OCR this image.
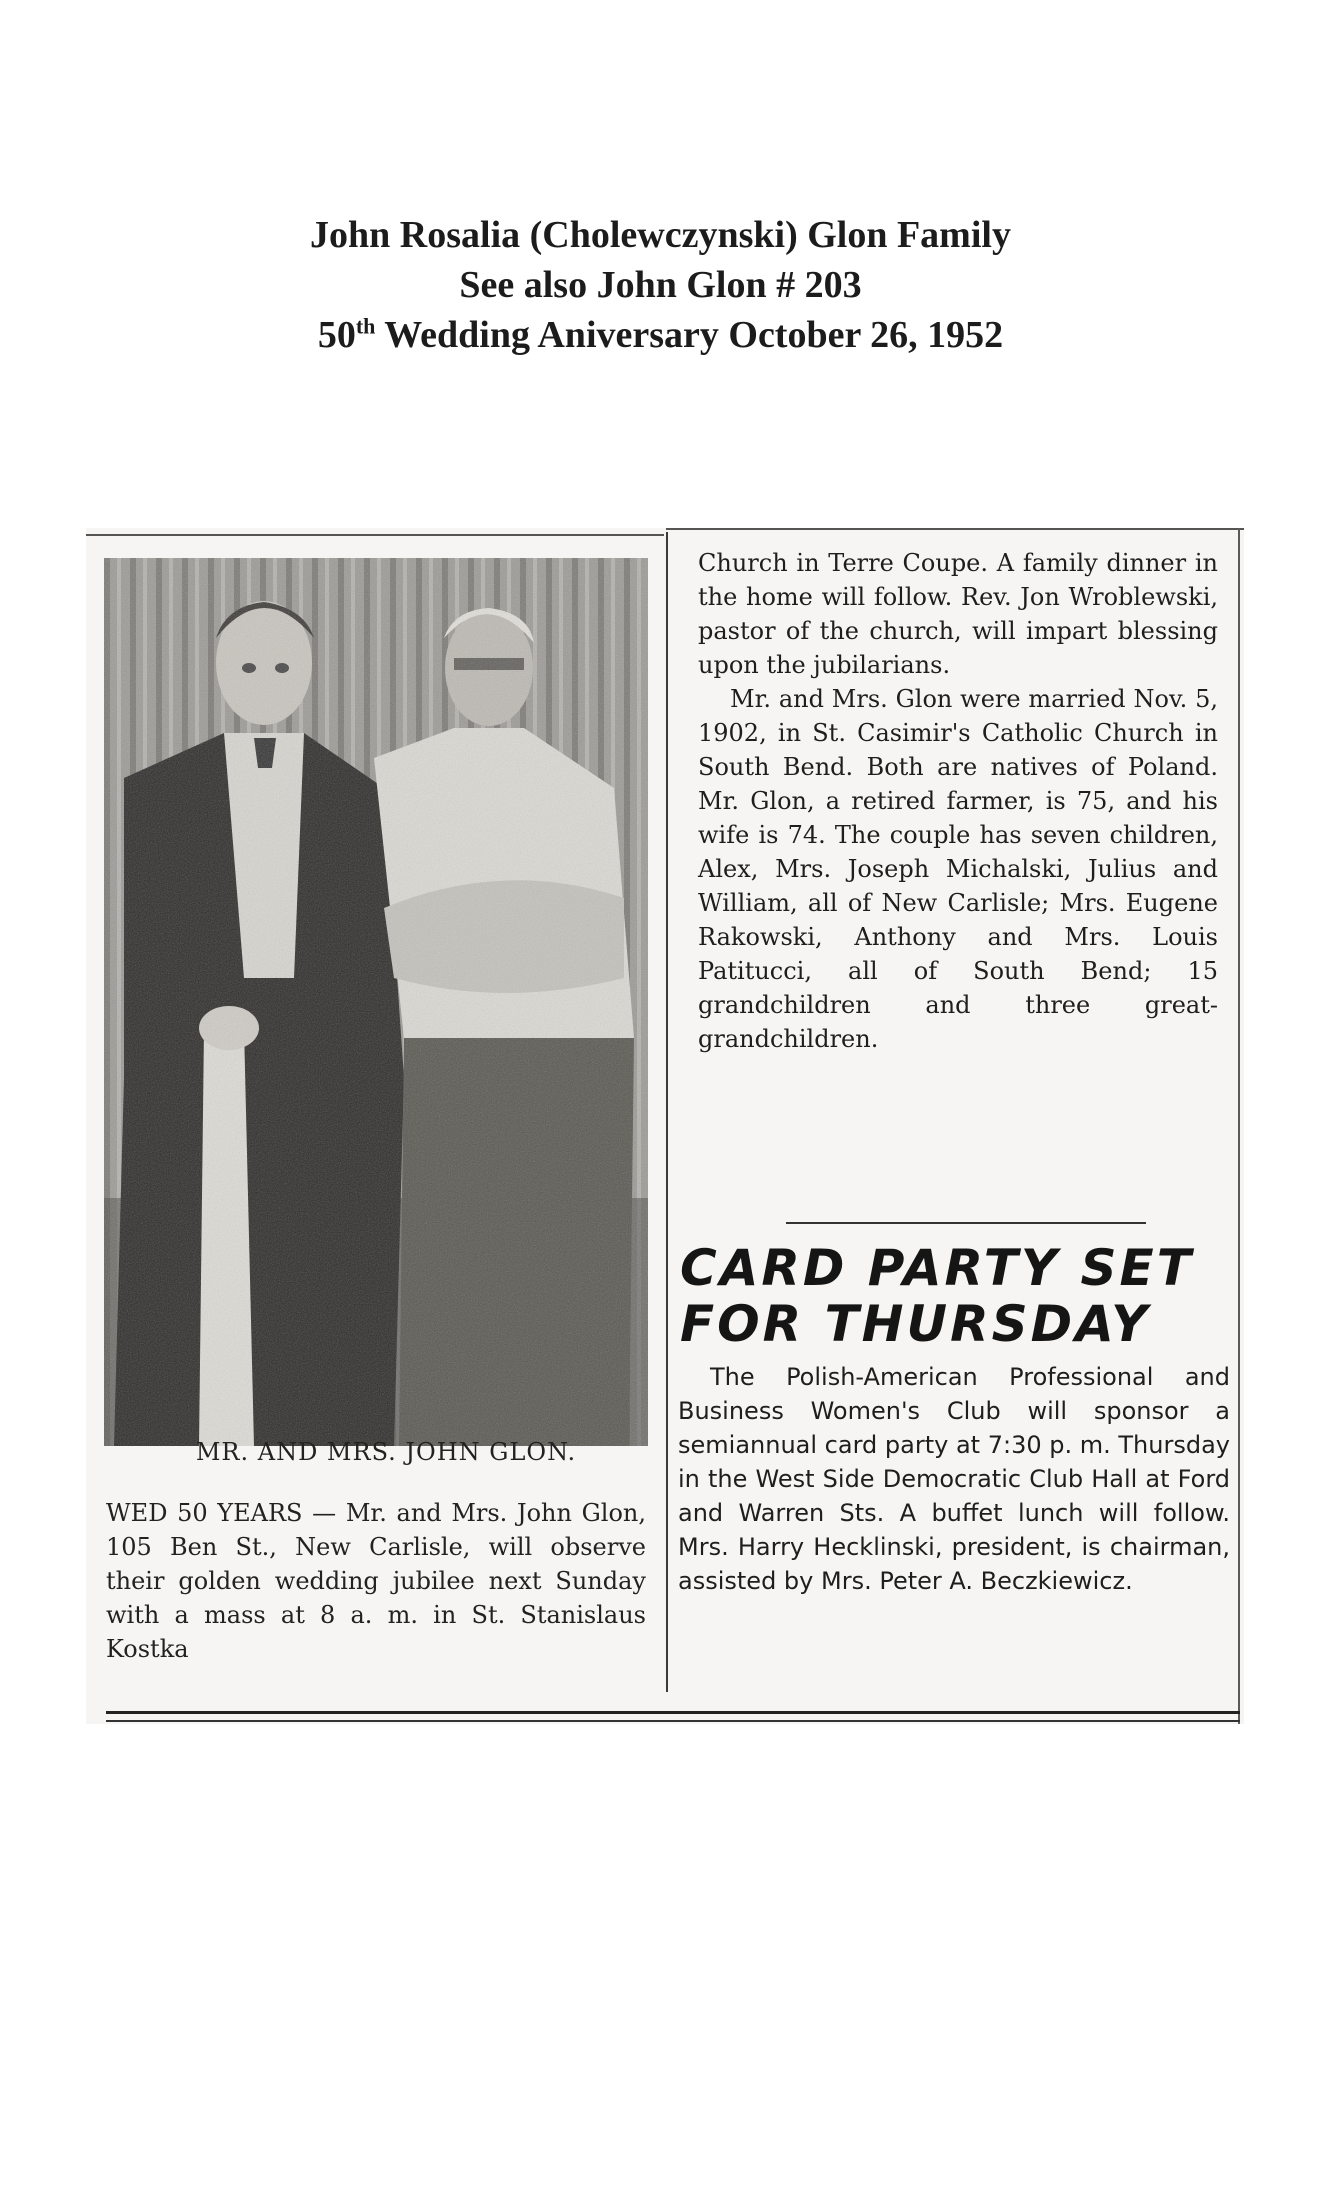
John Rosalia (Cholewczynski) Glon Family
See also John Glon # 203
50th Wedding Aniversary October 26, 1952
MR. AND MRS. JOHN GLON.
WED 50 YEARS — Mr. and Mrs. John Glon, 105 Ben St., New Carlisle, will observe their golden wedding jubilee next Sunday with a mass at 8 a. m. in St. Stanislaus Kostka

Church in Terre Coupe. A family dinner in the home will follow. Rev. Jon Wroblewski, pastor of the church, will impart blessing upon the jubilarians.

Mr. and Mrs. Glon were married Nov. 5, 1902, in St. Casimir's Catholic Church in South Bend. Both are natives of Poland. Mr. Glon, a retired farmer, is 75, and his wife is 74. The couple has seven children, Alex, Mrs. Joseph Michalski, Julius and William, all of New Carlisle; Mrs. Eugene Rakowski, Anthony and Mrs. Louis Patitucci, all of South Bend; 15 grandchildren and three great-grandchildren.

CARD PARTY SET
FOR THURSDAY

The Polish-American Professional and Business Women's Club will sponsor a semiannual card party at 7:30 p. m. Thursday in the West Side Democratic Club Hall at Ford and Warren Sts. A buffet lunch will follow. Mrs. Harry Hecklinski, president, is chairman, assisted by Mrs. Peter A. Beczkiewicz.
